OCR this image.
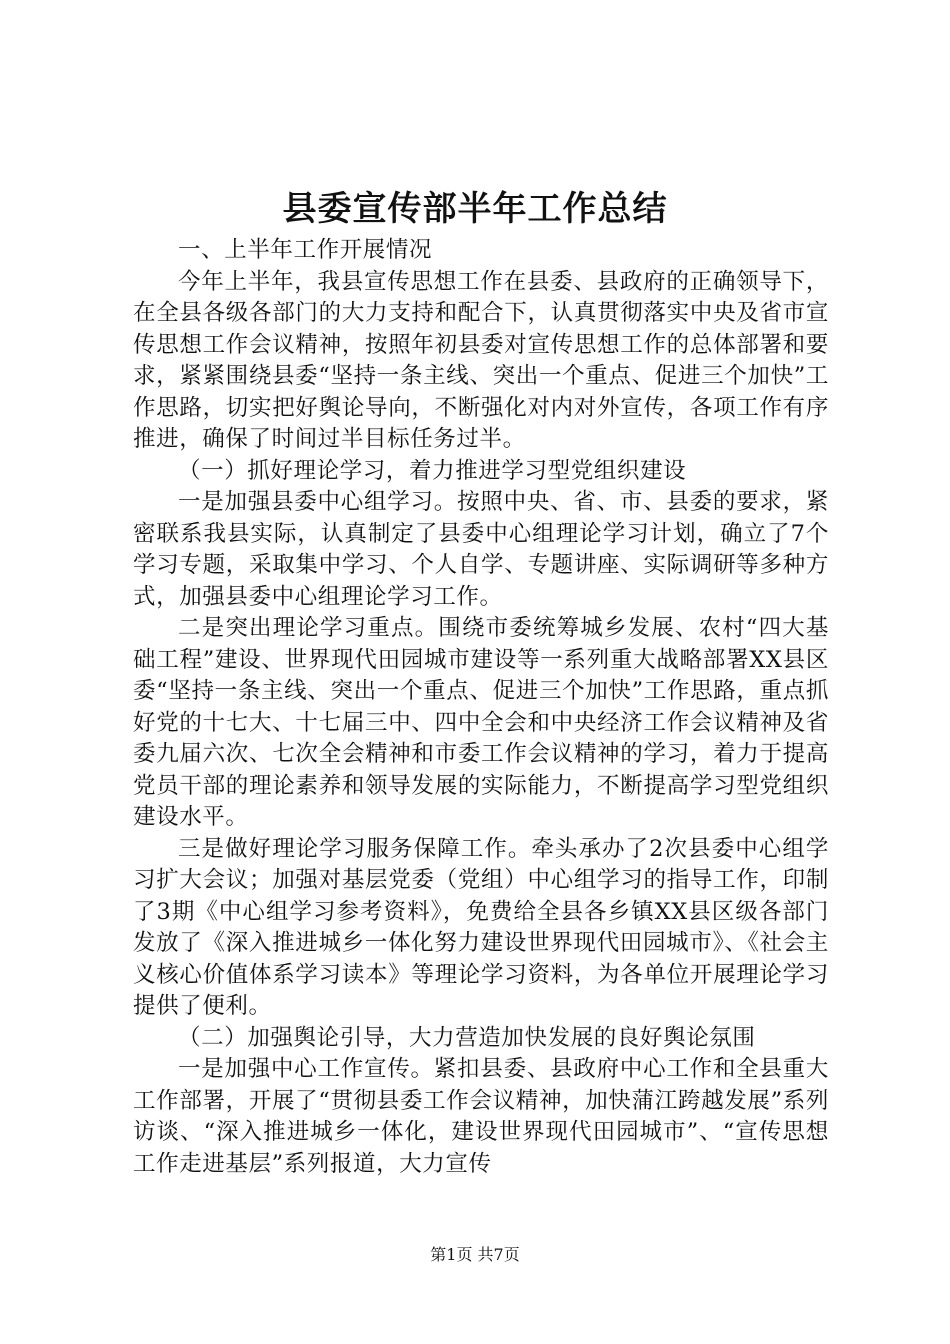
县委宣传部半年工作总结

一、上半年工作开展情况

今年上半年，我县宣传思想工作在县委、县政府的正确领导下，在全县各级各部门的大力支持和配合下，认真贯彻落实中央及省市宣传思想工作会议精神，按照年初县委对宣传思想工作的总体部署和要求，紧紧围绕县委“坚持一条主线、突出一个重点、促进三个加快”工作思路，切实把好舆论导向，不断强化对内对外宣传，各项工作有序推进，确保了时间过半目标任务过半。

（一）抓好理论学习，着力推进学习型党组织建设

一是加强县委中心组学习。按照中央、省、市、县委的要求，紧密联系我县实际，认真制定了县委中心组理论学习计划，确立了7个学习专题，采取集中学习、个人自学、专题讲座、实际调研等多种方式，加强县委中心组理论学习工作。

二是突出理论学习重点。围绕市委统筹城乡发展、农村“四大基础工程”建设、世界现代田园城市建设等一系列重大战略部署XX县区委“坚持一条主线、突出一个重点、促进三个加快”工作思路，重点抓好党的十七大、十七届三中、四中全会和中央经济工作会议精神及省委九届六次、七次全会精神和市委工作会议精神的学习，着力于提高党员干部的理论素养和领导发展的实际能力，不断提高学习型党组织建设水平。

三是做好理论学习服务保障工作。牵头承办了2次县委中心组学习扩大会议；加强对基层党委（党组）中心组学习的指导工作，印制了3期《中心组学习参考资料》，免费给全县各乡镇XX县区级各部门发放了《深入推进城乡一体化努力建设世界现代田园城市》、《社会主义核心价值体系学习读本》等理论学习资料，为各单位开展理论学习提供了便利。

（二）加强舆论引导，大力营造加快发展的良好舆论氛围

一是加强中心工作宣传。紧扣县委、县政府中心工作和全县重大工作部署，开展了“贯彻县委工作会议精神，加快蒲江跨越发展”系列访谈、“深入推进城乡一体化，建设世界现代田园城市”、“宣传思想工作走进基层”系列报道，大力宣传

第1页 共7页
